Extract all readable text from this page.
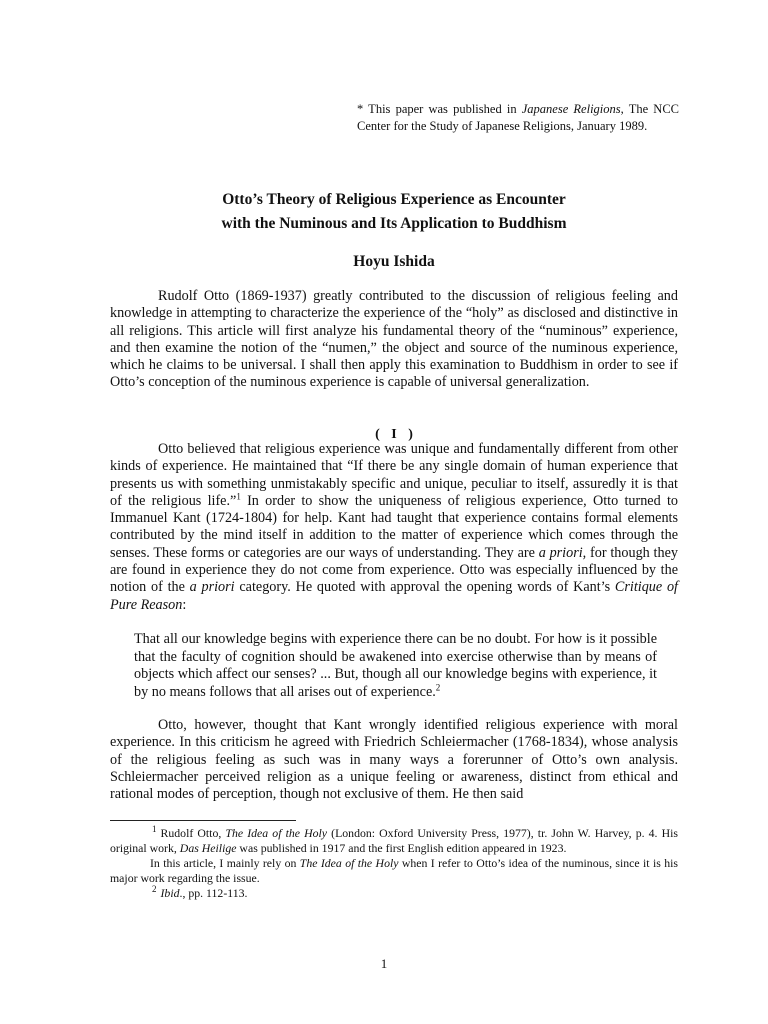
* This paper was published in Japanese Religions, The NCC Center for the Study of Japanese Religions, January 1989.
Otto’s Theory of Religious Experience as Encounter
with the Numinous and Its Application to Buddhism
Hoyu Ishida

Rudolf Otto (1869-1937) greatly contributed to the discussion of religious feeling and knowledge in attempting to characterize the experience of the “holy” as disclosed and distinctive in all religions. This article will first analyze his fundamental theory of the “numinous” experience, and then examine the notion of the “numen,” the object and source of the numinous experience, which he claims to be universal. I shall then apply this examination to Buddhism in order to see if Otto’s conception of the numinous experience is capable of universal generalization.

( I )

Otto believed that religious experience was unique and fundamentally different from other kinds of experience. He maintained that “If there be any single domain of human experience that presents us with something unmistakably specific and unique, peculiar to itself, assuredly it is that of the religious life.”$^1$ In order to show the uniqueness of religious experience, Otto turned to Immanuel Kant (1724-1804) for help. Kant had taught that experience contains formal elements contributed by the mind itself in addition to the matter of experience which comes through the senses. These forms or categories are our ways of understanding. They are a priori, for though they are found in experience they do not come from experience. Otto was especially influenced by the notion of the a priori category. He quoted with approval the opening words of Kant’s Critique of Pure Reason:

That all our knowledge begins with experience there can be no doubt. For how is it possible that the faculty of cognition should be awakened into exercise otherwise than by means of objects which affect our senses? ... But, though all our knowledge begins with experience, it by no means follows that all arises out of experience.$^2$

Otto, however, thought that Kant wrongly identified religious experience with moral experience. In this criticism he agreed with Friedrich Schleiermacher (1768-1834), whose analysis of the religious feeling as such was in many ways a forerunner of Otto’s own analysis. Schleiermacher perceived religion as a unique feeling or awareness, distinct from ethical and rational modes of perception, though not exclusive of them. He then said

$^1$ Rudolf Otto, The Idea of the Holy (London: Oxford University Press, 1977), tr. John W. Harvey, p. 4. His original work, Das Heilige was published in 1917 and the first English edition appeared in 1923.

In this article, I mainly rely on The Idea of the Holy when I refer to Otto’s idea of the numinous, since it is his major work regarding the issue.

$^2$ Ibid., pp. 112-113.

1
